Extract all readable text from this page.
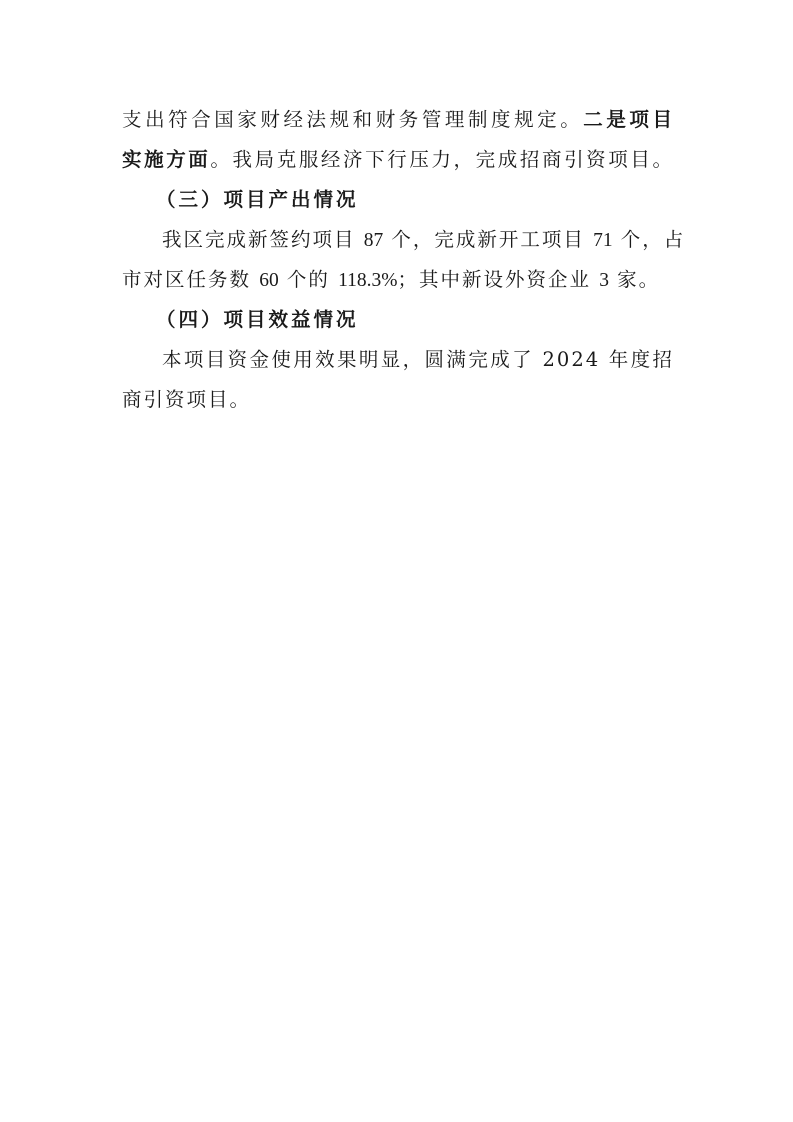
支出符合国家财经法规和财务管理制度规定。二是项目
实施方面。我局克服经济下行压力，完成招商引资项目。
（三）项目产出情况
我区完成新签约项目 87 个，完成新开工项目 71 个，占
市对区任务数 60 个的 118.3%；其中新设外资企业 3 家。
（四）项目效益情况
本项目资金使用效果明显，圆满完成了 2024 年度招
商引资项目。
